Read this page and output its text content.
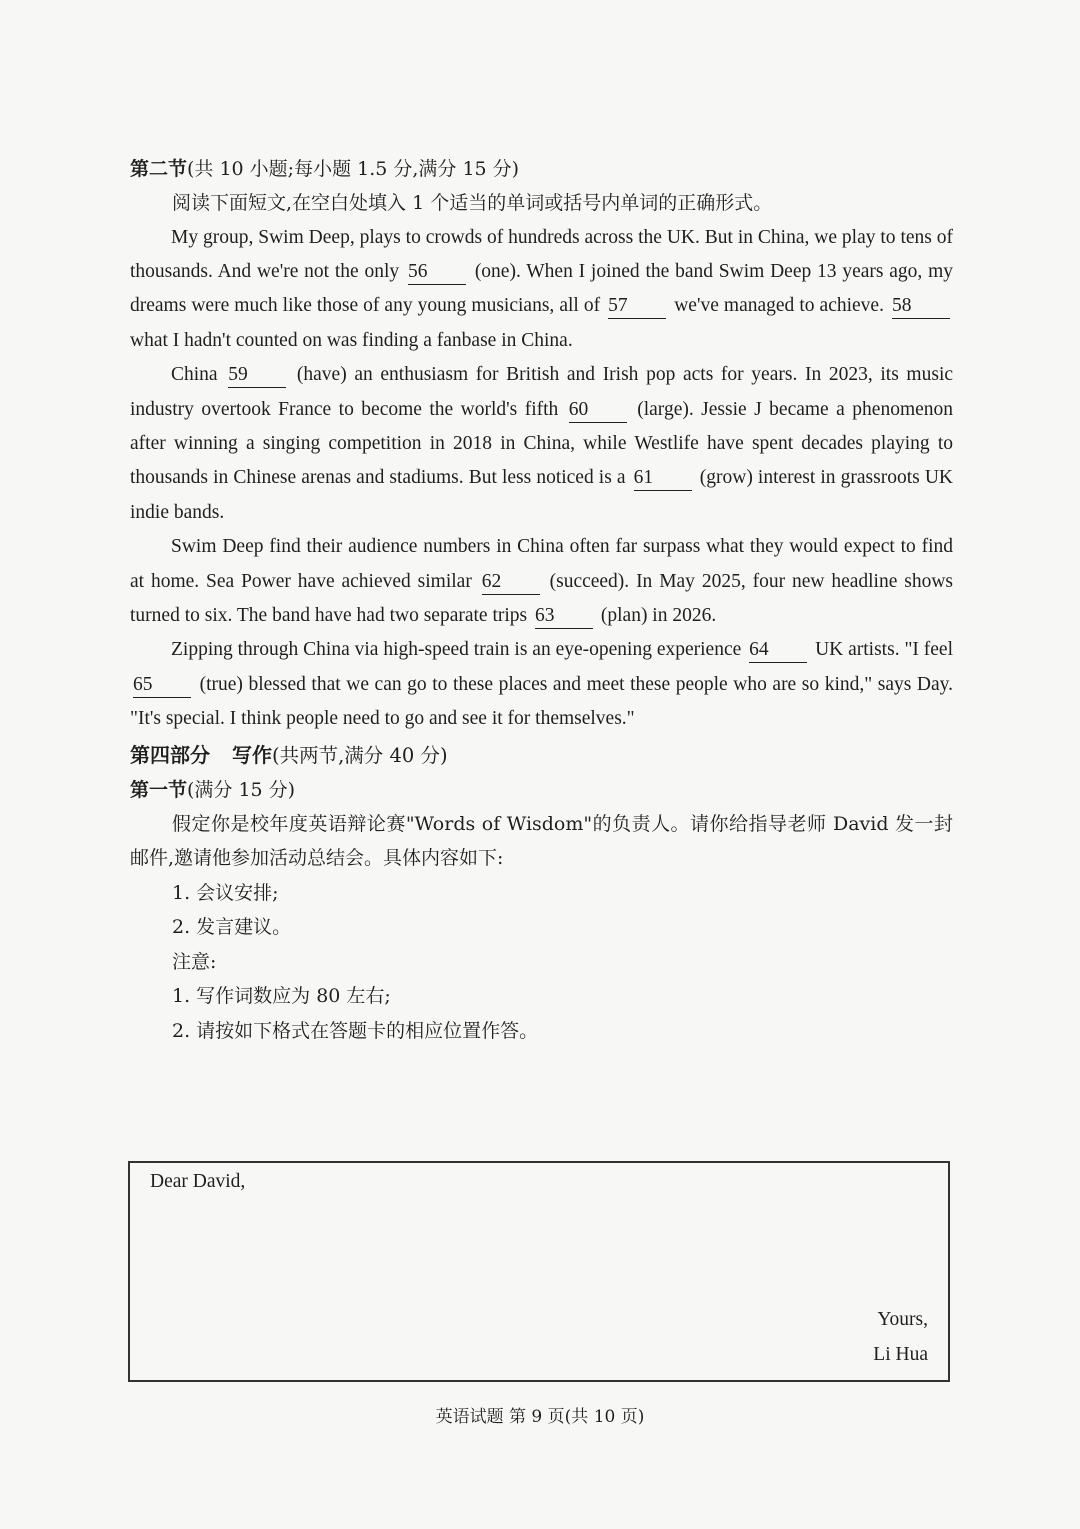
第二节(共 10 小题;每小题 1.5 分,满分 15 分)

阅读下面短文,在空白处填入 1 个适当的单词或括号内单词的正确形式。

My group, Swim Deep, plays to crowds of hundreds across the UK. But in China, we play to tens of thousands. And we're not the only 56 (one). When I joined the band Swim Deep 13 years ago, my dreams were much like those of any young musicians, all of 57 we've managed to achieve. 58 what I hadn't counted on was finding a fanbase in China.

China 59	(have) an enthusiasm for British and Irish pop acts for years. In 2023, its music industry overtook France to become the world's fifth 60	(large). Jessie J became a phenomenon after winning a singing competition in 2018 in China, while Westlife have spent decades playing to thousands in Chinese arenas and stadiums. But less noticed is a 61 (grow) interest in grassroots UK indie bands.

Swim Deep find their audience numbers in China often far surpass what they would expect to find at home. Sea Power have achieved similar 62 (succeed). In May 2025, four new headline shows turned to six. The band have had two separate trips 63 (plan) in 2026.

Zipping through China via high-speed train is an eye-opening experience 64 UK artists. "I feel 65 (true) blessed that we can go to these places and meet these people who are so kind," says Day. "It's special. I think people need to go and see it for themselves."

第四部分 写作(共两节,满分 40 分)
第一节(满分 15 分)

假定你是校年度英语辩论赛"Words of Wisdom"的负责人。请你给指导老师 David 发一封邮件,邀请他参加活动总结会。具体内容如下:

1. 会议安排;

2. 发言建议。

注意:

1. 写作词数应为 80 左右;

2. 请按如下格式在答题卡的相应位置作答。

Dear David,
Yours,
Li Hua
英语试题 第 9 页(共 10 页)
